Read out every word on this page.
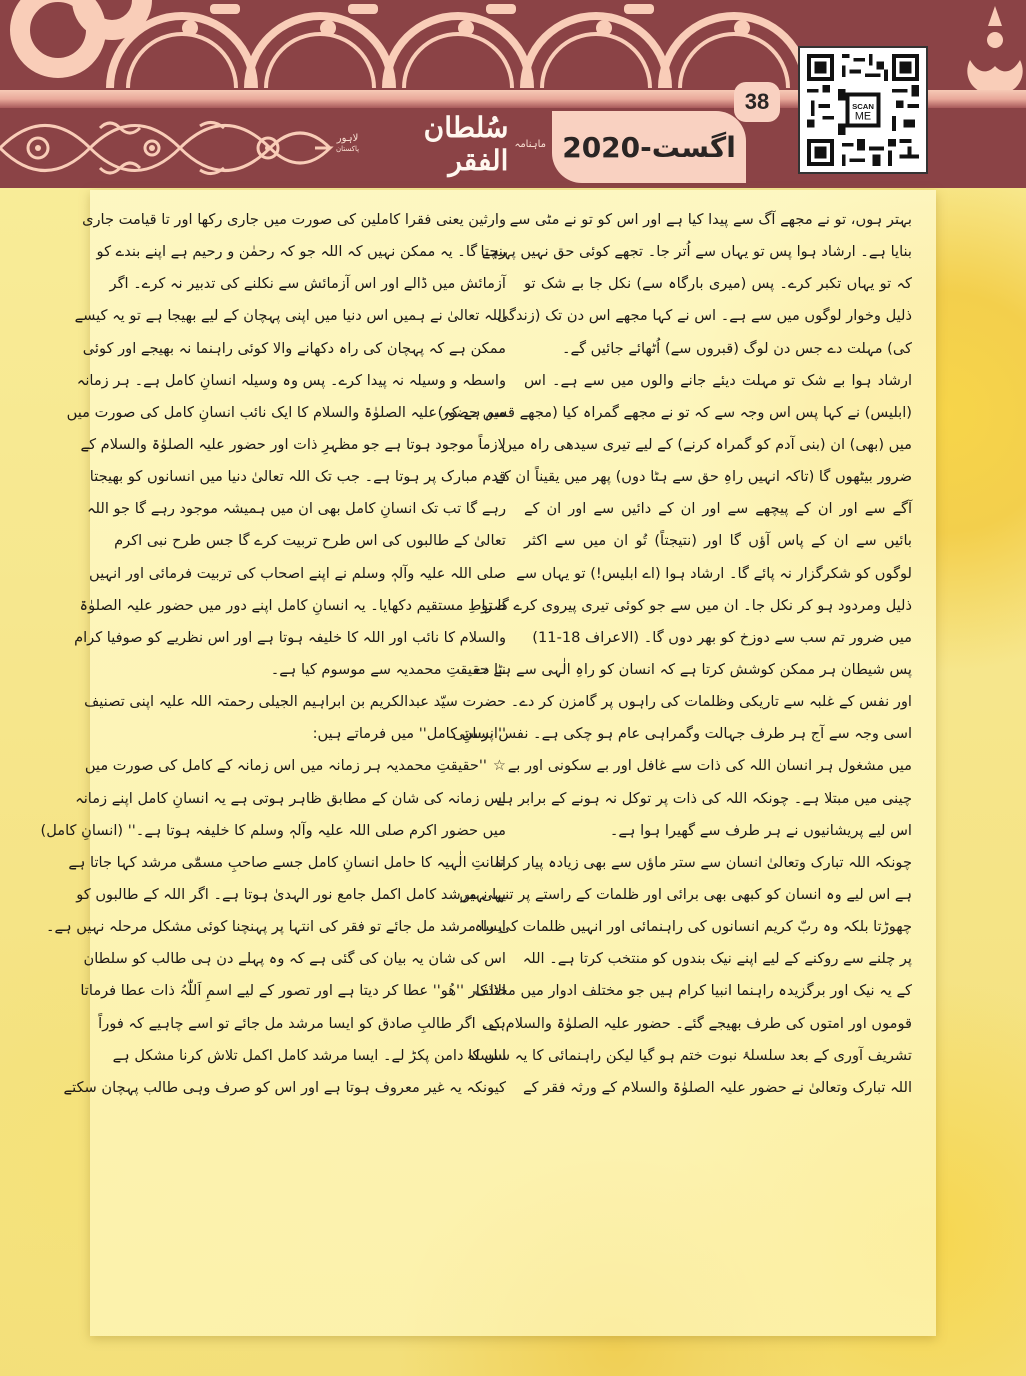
ماہنامہ
سُلطان الفقر
لاہور
پاکستان
38
اگست-2020
SCAN
ME
بہتر ہوں، تو نے مجھے آگ سے پیدا کیا ہے اور اس کو تو نے مٹی سے
بنایا ہے۔ ارشاد ہوا پس تو یہاں سے اُتر جا۔ تجھے کوئی حق نہیں پہنچتا
کہ تو یہاں تکبر کرے۔ پس (میری بارگاہ سے) نکل جا بے شک تو
ذلیل وخوار لوگوں میں سے ہے۔ اس نے کہا مجھے اس دن تک (زندگی
کی) مہلت دے جس دن لوگ (قبروں سے) اُٹھائے جائیں گے۔
ارشاد ہوا بے شک تو مہلت دیئے جانے والوں میں سے ہے۔ اس
(ابلیس) نے کہا پس اس وجہ سے کہ تو نے مجھے گمراہ کیا (مجھے قسم ہے کہ)
میں (بھی) ان (بنی آدم کو گمراہ کرنے) کے لیے تیری سیدھی راہ میں
ضرور بیٹھوں گا (تاکہ انہیں راہِ حق سے ہٹا دوں) پھر میں یقیناً ان کے
آگے سے اور ان کے پیچھے سے اور ان کے دائیں سے اور ان کے
بائیں سے ان کے پاس آؤں گا اور (نتیجتاً) تُو ان میں سے اکثر
لوگوں کو شکرگزار نہ پائے گا۔ ارشاد ہوا (اے ابلیس!) تو یہاں سے
ذلیل ومردود ہو کر نکل جا۔ ان میں سے جو کوئی تیری پیروی کرے گا تو
میں ضرور تم سب سے دوزخ کو بھر دوں گا۔ (الاعراف 18-11)
پس شیطان ہر ممکن کوشش کرتا ہے کہ انسان کو راہِ الٰہی سے ہٹا دے
اور نفس کے غلبہ سے تاریکی وظلمات کی راہوں پر گامزن کر دے۔
اسی وجہ سے آج ہر طرف جہالت وگمراہی عام ہو چکی ہے۔ نفس پرستی
میں مشغول ہر انسان اللہ کی ذات سے غافل اور بے سکونی اور بے
چینی میں مبتلا ہے۔ چونکہ اللہ کی ذات پر توکل نہ ہونے کے برابر ہے
اس لیے پریشانیوں نے ہر طرف سے گھیرا ہوا ہے۔
چونکہ اللہ تبارک وتعالیٰ انسان سے ستر ماؤں سے بھی زیادہ پیار کرتا
ہے اس لیے وہ انسان کو کبھی بھی برائی اور ظلمات کے راستے پر تنہا نہیں
چھوڑتا بلکہ وہ ربّ کریم انسانوں کی راہنمائی اور انہیں ظلمات کی راہ
پر چلنے سے روکنے کے لیے اپنے نیک بندوں کو منتخب کرتا ہے۔ اللہ
کے یہ نیک اور برگزیدہ راہنما انبیا کرام ہیں جو مختلف ادوار میں مختلف
قوموں اور امتوں کی طرف بھیجے گئے۔ حضور علیہ الصلوٰۃ والسلام کی
تشریف آوری کے بعد سلسلۂ نبوت ختم ہو گیا لیکن راہنمائی کا یہ سلسلہ
اللہ تبارک وتعالیٰ نے حضور علیہ الصلوٰۃ والسلام کے ورثہ فقر کے
وارثین یعنی فقرا کاملین کی صورت میں جاری رکھا اور تا قیامت جاری
رہے گا۔ یہ ممکن نہیں کہ اللہ جو کہ رحمٰن و رحیم ہے اپنے بندے کو
آزمائش میں ڈالے اور اس آزمائش سے نکلنے کی تدبیر نہ کرے۔ اگر
اللہ تعالیٰ نے ہمیں اس دنیا میں اپنی پہچان کے لیے بھیجا ہے تو یہ کیسے
ممکن ہے کہ پہچان کی راہ دکھانے والا کوئی راہنما نہ بھیجے اور کوئی
واسطہ و وسیلہ نہ پیدا کرے۔ پس وہ وسیلہ انسانِ کامل ہے۔ ہر زمانہ
میں حضور علیہ الصلوٰۃ والسلام کا ایک نائب انسانِ کامل کی صورت میں
لازماً موجود ہوتا ہے جو مظہرِ ذات اور حضور علیہ الصلوٰۃ والسلام کے
قدم مبارک پر ہوتا ہے۔ جب تک اللہ تعالیٰ دنیا میں انسانوں کو بھیجتا
رہے گا تب تک انسانِ کامل بھی ان میں ہمیشہ موجود رہے گا جو اللہ
تعالیٰ کے طالبوں کی اس طرح تربیت کرے گا جس طرح نبی اکرم
صلی اللہ علیہ وآلہٖ وسلم نے اپنے اصحاب کی تربیت فرمائی اور انہیں
صراطِ مستقیم دکھایا۔ یہ انسانِ کامل اپنے دور میں حضور علیہ الصلوٰۃ
والسلام کا نائب اور اللہ کا خلیفہ ہوتا ہے اور اس نظریے کو صوفیا کرام
نے حقیقتِ محمدیہ سے موسوم کیا ہے۔
حضرت سیّد عبدالکریم بن ابراہیم الجیلی رحمتہ اللہ علیہ اپنی تصنیف
''انسانِ کامل'' میں فرماتے ہیں:
☆''حقیقتِ محمدیہ ہر زمانہ میں اس زمانہ کے کامل کی صورت میں
اس زمانہ کی شان کے مطابق ظاہر ہوتی ہے یہ انسانِ کامل اپنے زمانہ
میں حضور اکرم صلی اللہ علیہ وآلہٖ وسلم کا خلیفہ ہوتا ہے۔'' (انسانِ کامل)
امانتِ الٰہیہ کا حامل انسانِ کامل جسے صاحبِ مسمّٰی مرشد کہا جاتا ہے
یہی مرشد کامل اکمل جامع نور الہدیٰ ہوتا ہے۔ اگر اللہ کے طالبوں کو
ایسا مرشد مل جائے تو فقر کی انتہا پر پہنچنا کوئی مشکل مرحلہ نہیں ہے۔
اس کی شان یہ بیان کی گئی ہے کہ وہ پہلے دن ہی طالب کو سلطان
الاذکار ''ھُو'' عطا کر دیتا ہے اور تصور کے لیے اسمِ اَللّٰہُ ذات عطا فرماتا
ہے۔ اگر طالبِ صادق کو ایسا مرشد مل جائے تو اسے چاہیے کہ فوراً
اس کا دامن پکڑ لے۔ ایسا مرشد کامل اکمل تلاش کرنا مشکل ہے
کیونکہ یہ غیر معروف ہوتا ہے اور اس کو صرف وہی طالب پہچان سکتے
